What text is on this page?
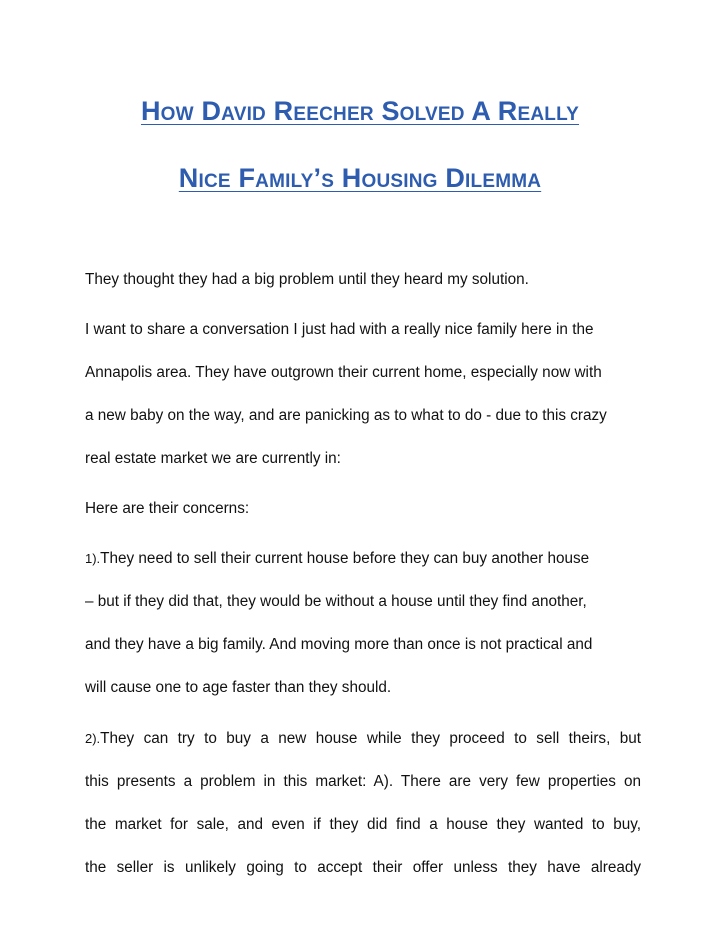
How David Reecher Solved A Really
Nice Family’s Housing Dilemma

They thought they had a big problem until they heard my solution.

I want to share a conversation I just had with a really nice family here in the

Annapolis area. They have outgrown their current home, especially now with

a new baby on the way, and are panicking as to what to do - due to this crazy

real estate market we are currently in:

Here are their concerns:

1).They need to sell their current house before they can buy another house

– but if they did that, they would be without a house until they find another,

and they have a big family. And moving more than once is not practical and

will cause one to age faster than they should.

2).They can try to buy a new house while they proceed to sell theirs, but

this presents a problem in this market: A). There are very few properties on

the market for sale, and even if they did find a house they wanted to buy,

the seller is unlikely going to accept their offer unless they have already
